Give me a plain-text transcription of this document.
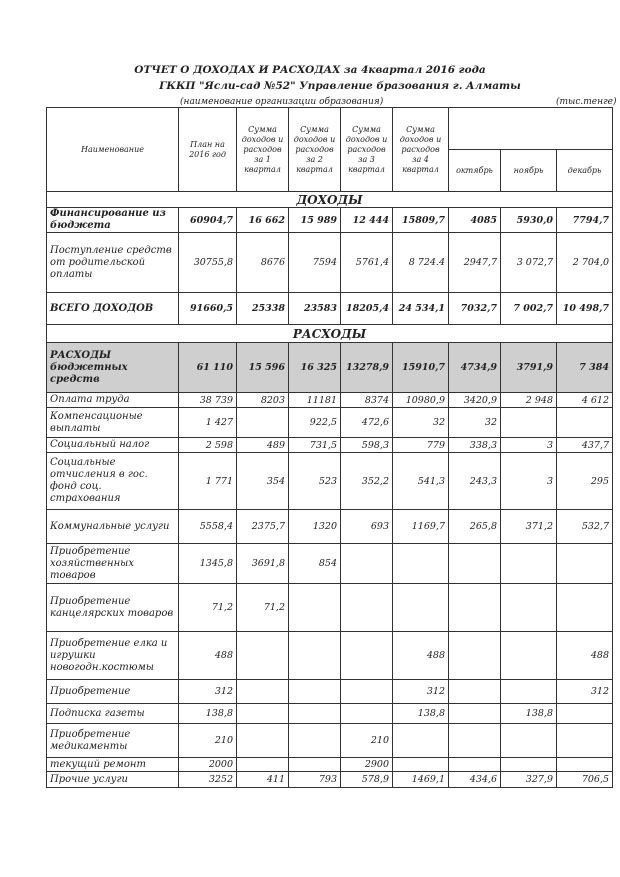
ОТЧЕТ О ДОХОДАХ И РАСХОДАХ за 4квартал 2016 года
ГККП "Ясли-сад №52" Управление бразования г. Алматы
(наименование организации образования)	(тыс.тенге)
Наименование	План на 2016 год	Сумма доходов и расходов за 1 квартал	Сумма доходов и расходов за 2 квартал	Сумма доходов и расходов за 3 квартал	Сумма доходов и расходов за 4 квартал			
						октябрь	ноябрь	декабрь
ДОХОДЫ								
Финансирование из бюджета	60904,7	16 662	15 989	12 444	15809,7	4085	5930,0	7794,7
Поступление средств от родительской оплаты	30755,8	8676	7594	5761,4	8 724.4	2947,7	3 072,7	2 704,0
ВСЕГО ДОХОДОВ	91660,5	25338	23583	18205,4	24 534,1	7032,7	7 002,7	10 498,7
РАСХОДЫ								
РАСХОДЫ бюджетных средств	61 110	15 596	16 325	13278,9	15910,7	4734,9	3791,9	7 384
Оплата труда	38 739	8203	11181	8374	10980,9	3420,9	2 948	4 612
Компенсационые выплаты	1 427		922,5	472,6	32	32		
Социальный налог	2 598	489	731,5	598,3	779	338,3	3	437,7
Социальные отчисления в гос. фонд соц. страхования	1 771	354	523	352,2	541,3	243,3	3	295
Коммунальные услуги	5558,4	2375,7	1320	693	1169,7	265,8	371,2	532,7
Приобретение хозяйственных товаров	1345,8	3691,8	854					
Приобретение канцелярских товаров	71,2	71,2						
Приобретение елка и игрушки новогодн.костюмы	488				488			488
Приобретение	312				312			312
Подписка газеты	138,8				138,8		138,8	
Приобретение медикаменты	210			210				
текущий ремонт	2000			2900				
Прочие услуги	3252	411	793	578,9	1469,1	434,6	327,9	706,5
